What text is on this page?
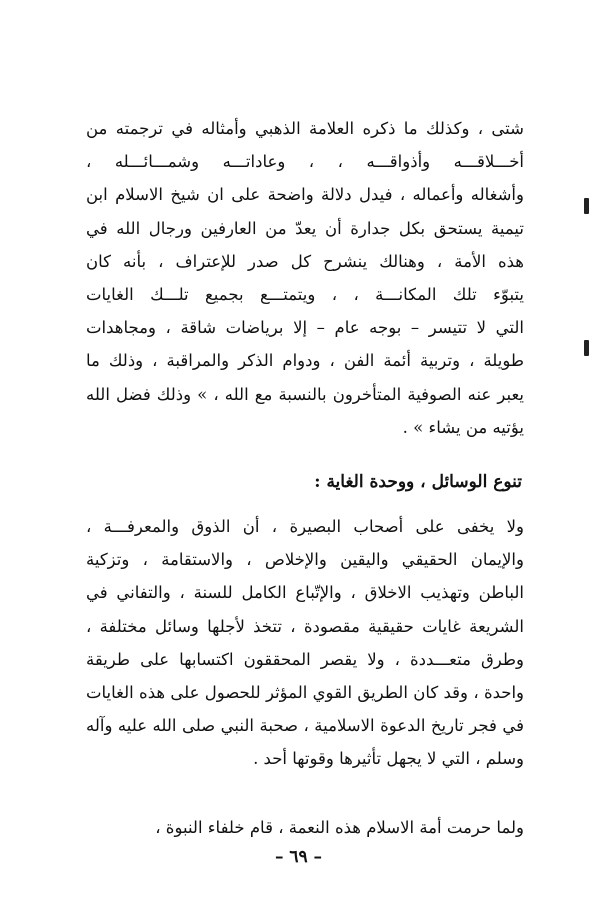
شتى ، وكذلك ما ذكره العلامة الذهبي وأمثاله في ترجمته من
أخـــلاقـــه وأذواقـــه ، ، وعاداتـــه وشمـــائـــله ،
وأشغاله وأعماله ، فيدل دلالة واضحة على ان شيخ الاسلام ابن
تيمية يستحق بكل جدارة أن يعدّ من العارفين ورجال الله في
هذه الأمة ، وهنالك ينشرح كل صدر للإعتراف ، بأنه كان
يتبوّء تلك المكانـــة ، ، ويتمتـــع بجميع تلـــك الغايات
التي لا تتيسر – بوجه عام – إلا برياضات شاقة ، ومجاهدات
طويلة ، وتربية أئمة الفن ، ودوام الذكر والمراقبة ، وذلك ما
يعبر عنه الصوفية المتأخرون بالنسبة مع الله ، » وذلك فضل الله
يؤتيه من يشاء » .
تنوع الوسائل ، ووحدة الغاية :
ولا يخفى على أصحاب البصيرة ، أن الذوق والمعرفـــة ،
والإيمان الحقيقي واليقين والإخلاص ، والاستقامة ، وتزكية
الباطن وتهذيب الاخلاق ، والإتّباع الكامل للسنة ، والتفاني في
الشريعة غايات حقيقية مقصودة ، تتخذ لأجلها وسائل مختلفة ،
وطرق متعـــددة ، ولا يقصر المحققون اكتسابها على طريقة
واحدة ، وقد كان الطريق القوي المؤثر للحصول على هذه الغايات
في فجر تاريخ الدعوة الاسلامية ، صحبة النبي صلى الله عليه وآله
وسلم ، التي لا يجهل تأثيرها وقوتها أحد .
ولما حرمت أمة الاسلام هذه النعمة ، قام خلفاء النبوة ،
– ٦٩ –
